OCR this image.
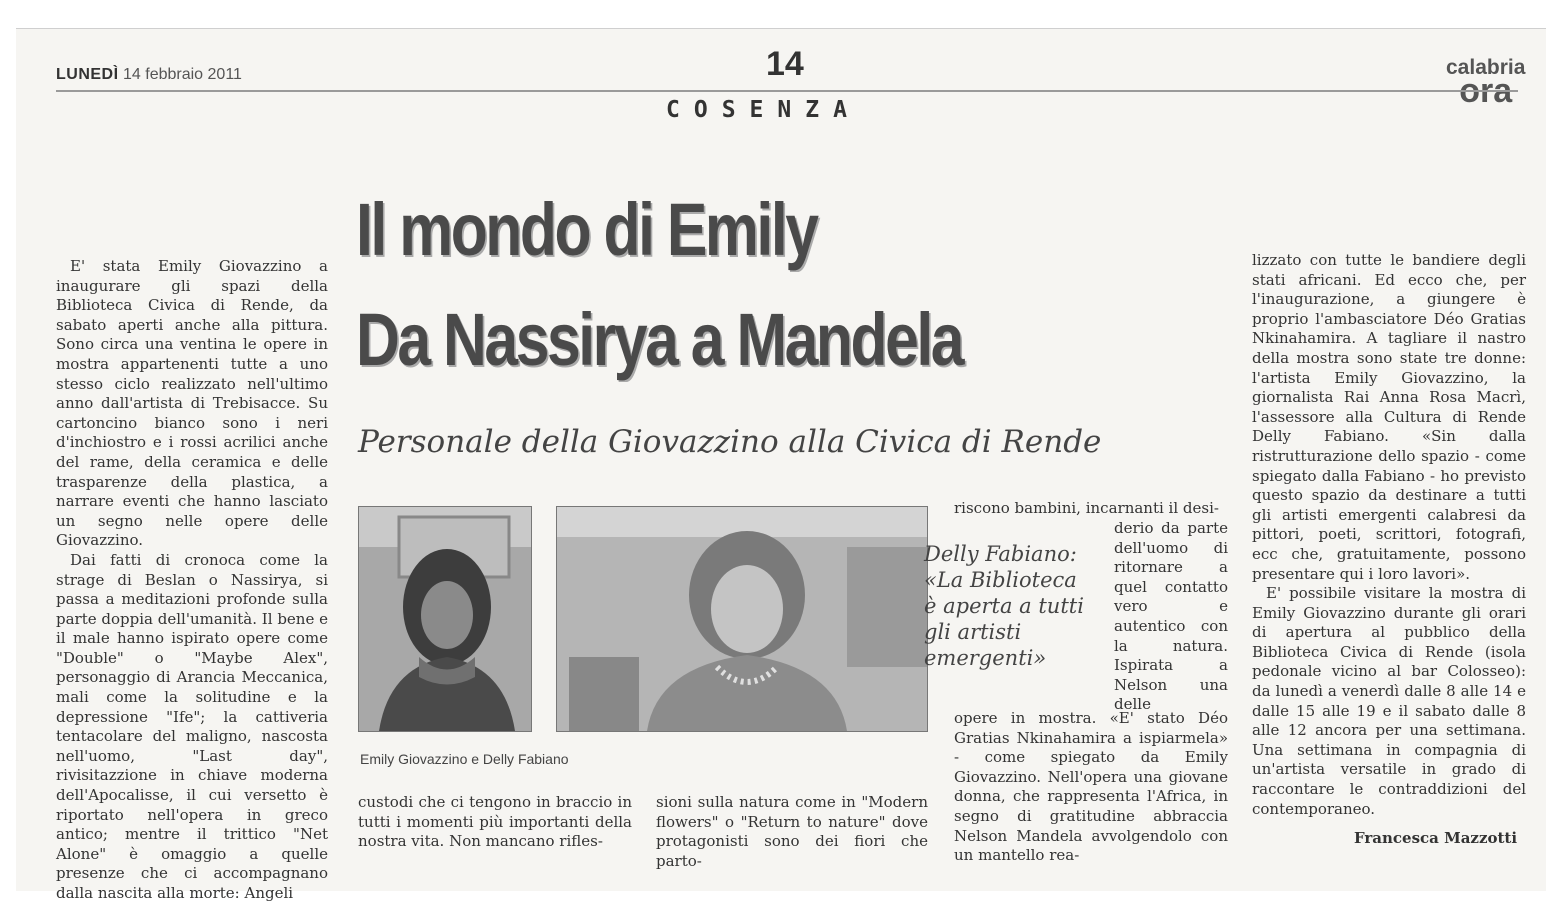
LUNEDÌ 14 febbraio 2011	14
COSENZA
calabria
ora
Il mondo di Emily
Da Nassirya a Mandela
Personale della Giovazzino alla Civica di Rende

E' stata Emily Giovazzino a inaugurare gli spazi della Biblioteca Civica di Rende, da sabato aperti anche alla pittura. Sono circa una ventina le opere in mostra appartenenti tutte a uno stesso ciclo realizzato nell'ultimo anno dall'artista di Trebisacce. Su cartoncino bianco sono i neri d'inchiostro e i rossi acrilici anche del rame, della ceramica e delle trasparenze della plastica, a narrare eventi che hanno lasciato un segno nelle opere delle Giovazzino.

Dai fatti di cronoca come la strage di Beslan o Nassirya, si passa a meditazioni profonde sulla parte doppia dell'umanità. Il bene e il male hanno ispirato opere come "Double" o "Maybe Alex", personaggio di Arancia Meccanica, mali come la solitudine e la depressione "Ife"; la cattiveria tentacolare del maligno, nascosta nell'uomo, "Last day", rivisitazzione in chiave moderna dell'Apocalisse, il cui versetto è riportato nell'opera in greco antico; mentre il trittico "Net Alone" è omaggio a quelle presenze che ci accompagnano dalla nascita alla morte: Angeli

Emily Giovazzino e Delly Fabiano

custodi che ci tengono in braccio in tutti i momenti più importanti della nostra vita. Non mancano rifles-

sioni sulla natura come in "Modern flowers" o "Return to nature" dove protagonisti sono dei fiori che parto-

Delly Fabiano:
«La Biblioteca
è aperta a tutti
gli artisti
emergenti»

riscono bambini, incarnanti il desi-

derio da parte dell'uomo di ritornare a quel contatto vero e autentico con la natura. Ispirata a Nelson una delle

opere in mostra. «E' stato Déo Gratias Nkinahamira a ispiarmela» - come spiegato da Emily Giovazzino. Nell'opera una giovane donna, che rappresenta l'Africa, in segno di gratitudine abbraccia Nelson Mandela avvolgendolo con un mantello rea-

lizzato con tutte le bandiere degli stati africani. Ed ecco che, per l'inaugurazione, a giungere è proprio l'ambasciatore Déo Gratias Nkinahamira. A tagliare il nastro della mostra sono state tre donne: l'artista Emily Giovazzino, la giornalista Rai Anna Rosa Macrì, l'assessore alla Cultura di Rende Delly Fabiano. «Sin dalla ristrutturazione dello spazio - come spiegato dalla Fabiano - ho previsto questo spazio da destinare a tutti gli artisti emergenti calabresi da pittori, poeti, scrittori, fotografi, ecc che, gratuitamente, possono presentare qui i loro lavori».

E' possibile visitare la mostra di Emily Giovazzino durante gli orari di apertura al pubblico della Biblioteca Civica di Rende (isola pedonale vicino al bar Colosseo): da lunedì a venerdì dalle 8 alle 14 e dalle 15 alle 19 e il sabato dalle 8 alle 12 ancora per una settimana. Una settimana in compagnia di un'artista versatile in grado di raccontare le contraddizioni del contemporaneo.

Francesca Mazzotti
